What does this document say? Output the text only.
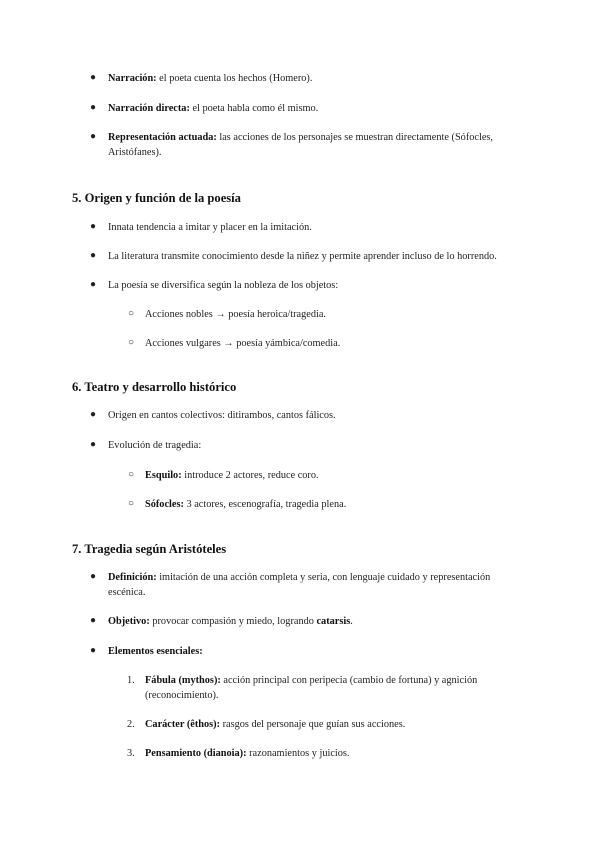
● Narración: el poeta cuenta los hechos (Homero).
● Narración directa: el poeta habla como él mismo.
● Representación actuada: las acciones de los personajes se muestran directamente (Sófocles, Aristófanes).
5. Origen y función de la poesía
● Innata tendencia a imitar y placer en la imitación.
● La literatura transmite conocimiento desde la niñez y permite aprender incluso de lo horrendo.
● La poesía se diversifica según la nobleza de los objetos:
○ Acciones nobles → poesía heroica/tragedia.
○ Acciones vulgares → poesía yámbica/comedia.
6. Teatro y desarrollo histórico
● Origen en cantos colectivos: ditirambos, cantos fálicos.
● Evolución de tragedia:
○ Esquilo: introduce 2 actores, reduce coro.
○ Sófocles: 3 actores, escenografía, tragedia plena.
7. Tragedia según Aristóteles
● Definición: imitación de una acción completa y seria, con lenguaje cuidado y representación escénica.
● Objetivo: provocar compasión y miedo, logrando catarsis.
● Elementos esenciales:
1. Fábula (mythos): acción principal con peripecia (cambio de fortuna) y agnición (reconocimiento).
2. Carácter (êthos): rasgos del personaje que guían sus acciones.
3. Pensamiento (dianoia): razonamientos y juicios.
